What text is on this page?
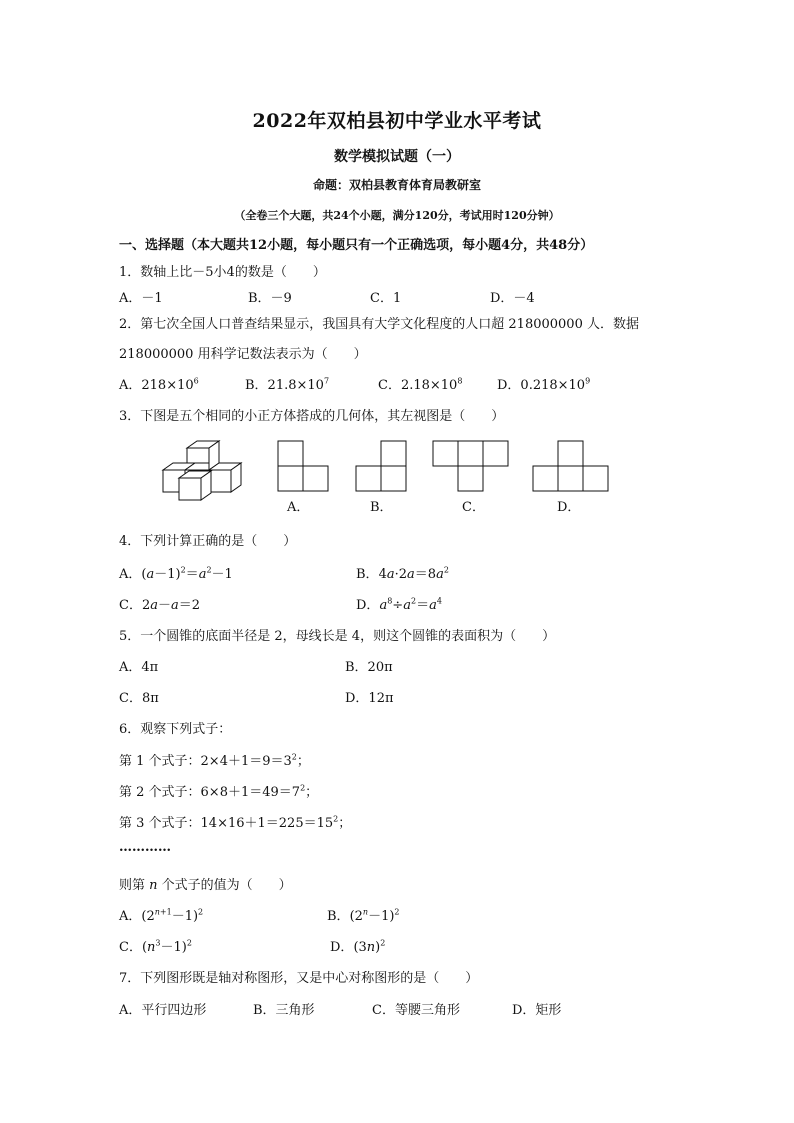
2022年双柏县初中学业水平考试
数学模拟试题（一）
命题：双柏县教育体育局教研室
（全卷三个大题，共24个小题，满分120分，考试用时120分钟）
一、选择题（本大题共12小题，每小题只有一个正确选项，每小题4分，共48分）
1．数轴上比－5小4的数是（　　）
A．－1	B．－9	C．1	D．－4
2．第七次全国人口普查结果显示，我国具有大学文化程度的人口超 218000000 人．数据
218000000 用科学记数法表示为（　　）
A．$218\times 10^6$	B．$21.8\times 10^7$	C．$2.18\times 10^8$	D．$0.218\times 10^9$
3．下图是五个相同的小正方体搭成的几何体，其左视图是（　　）
A．	B．	C．	D．
4．下列计算正确的是（　　）
A．$(a-1)^2=a^2-1$	B．$4a\cdot 2a=8a^2$
C．2a－a＝2	D．$a^8\div a^2=a^4$
5．一个圆锥的底面半径是 2，母线长是 4，则这个圆锥的表面积为（　　）
A．4π	B．20π
C．8π	D．12π
6．观察下列式子：
第 1 个式子：$2\times 4+1=9=3^2$；
第 2 个式子：$6\times 8+1=49=7^2$；
第 3 个式子：$14\times 16+1=225=15^2$；
…………
则第 n 个式子的值为（　　）
A．$(2^{n+1}-1)^2$	B．$(2^n-1)^2$
C．$(n^3-1)^2$	D．$(3n)^2$
7．下列图形既是轴对称图形，又是中心对称图形的是（　　）
A．平行四边形	B．三角形	C．等腰三角形	D．矩形
